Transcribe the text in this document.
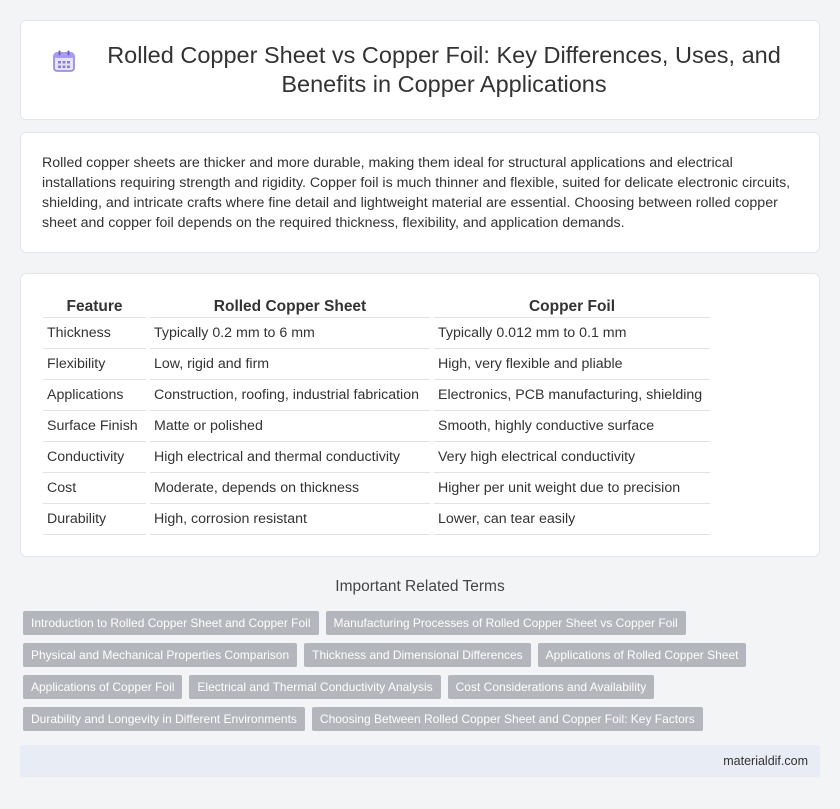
Rolled Copper Sheet vs Copper Foil: Key Differences, Uses, and Benefits in Copper Applications

Rolled copper sheets are thicker and more durable, making them ideal for structural applications and electrical installations requiring strength and rigidity. Copper foil is much thinner and flexible, suited for delicate electronic circuits, shielding, and intricate crafts where fine detail and lightweight material are essential. Choosing between rolled copper sheet and copper foil depends on the required thickness, flexibility, and application demands.

Feature	Rolled Copper Sheet	Copper Foil
Thickness	Typically 0.2 mm to 6 mm	Typically 0.012 mm to 0.1 mm
Flexibility	Low, rigid and firm	High, very flexible and pliable
Applications	Construction, roofing, industrial fabrication	Electronics, PCB manufacturing, shielding
Surface Finish	Matte or polished	Smooth, highly conductive surface
Conductivity	High electrical and thermal conductivity	Very high electrical conductivity
Cost	Moderate, depends on thickness	Higher per unit weight due to precision
Durability	High, corrosion resistant	Lower, can tear easily
Important Related Terms
Introduction to Rolled Copper Sheet and Copper Foil	Manufacturing Processes of Rolled Copper Sheet vs Copper Foil
Physical and Mechanical Properties Comparison	Thickness and Dimensional Differences	Applications of Rolled Copper Sheet
Applications of Copper Foil	Electrical and Thermal Conductivity Analysis	Cost Considerations and Availability
Durability and Longevity in Different Environments	Choosing Between Rolled Copper Sheet and Copper Foil: Key Factors
materialdif.com
